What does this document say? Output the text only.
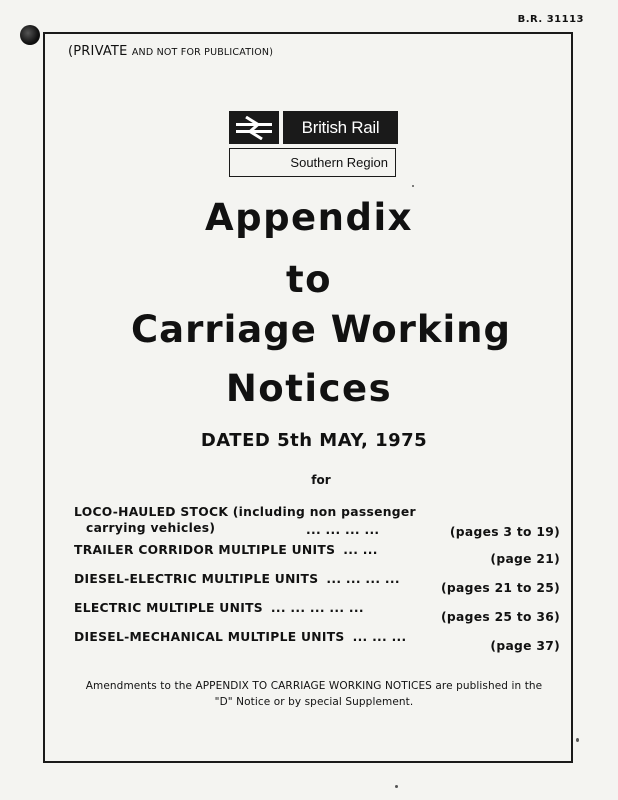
B.R. 31113
(PRIVATE AND NOT FOR PUBLICATION)
British Rail
Southern Region
Appendix
to
Carriage Working
Notices
DATED 5th MAY, 1975
for
LOCO-HAULED STOCK (including non passenger
carrying vehicles)	... ... ... ...	(pages 3 to 19)
TRAILER CORRIDOR MULTIPLE UNITS ... ...
(page 21)
DIESEL-ELECTRIC MULTIPLE UNITS ... ... ... ...
(pages 21 to 25)
ELECTRIC MULTIPLE UNITS ... ... ... ... ...
(pages 25 to 36)
DIESEL-MECHANICAL MULTIPLE UNITS ... ... ...
(page 37)
Amendments to the APPENDIX TO CARRIAGE WORKING NOTICES are published in the
"D" Notice or by special Supplement.
